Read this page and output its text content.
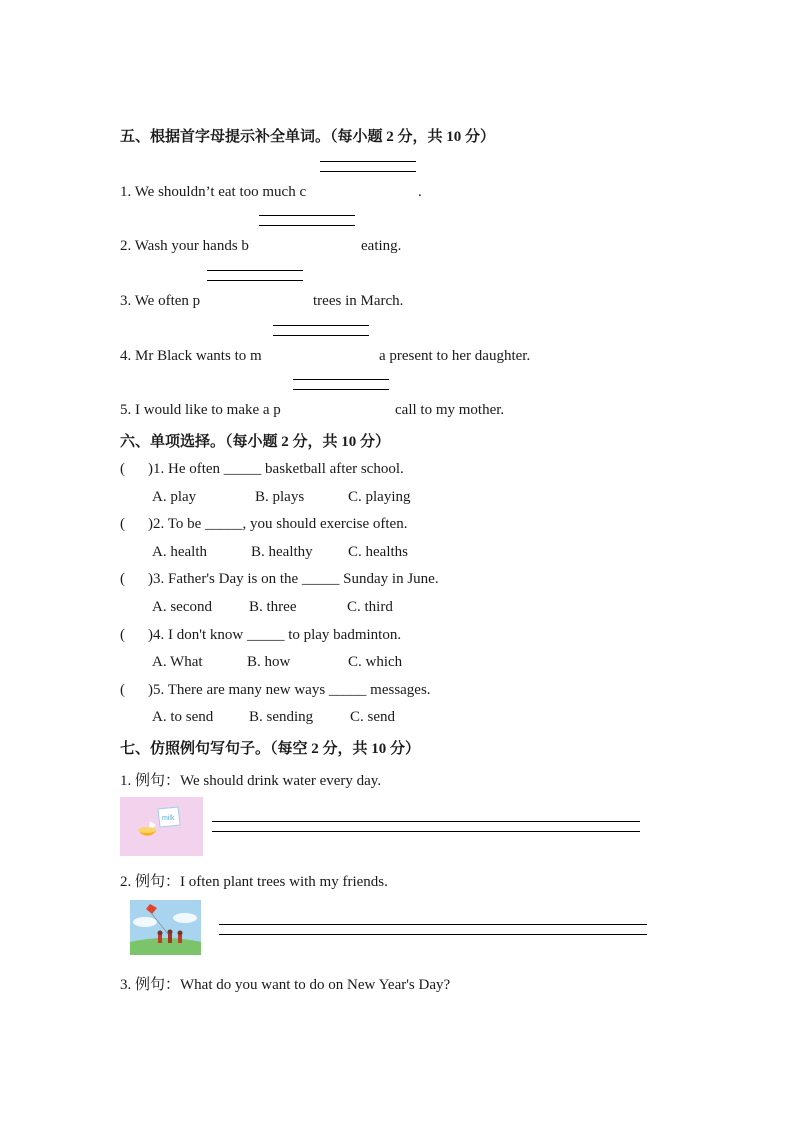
五、根据首字母提示补全单词。（每小题 2 分，共 10 分）
1. We shouldn’t eat too much c	.
2. Wash your hands b	eating.
3. We often p	trees in March.
4. Mr Black wants to m	a present to her daughter.
5. I would like to make a p	call to my mother.
六、单项选择。（每小题 2 分，共 10 分）
( )1. He often _____ basketball after school.
A. play	B. plays	C. playing
( )2. To be _____, you should exercise often.
A. health	B. healthy C. healths
( )3. Father's Day is on the _____ Sunday in June.
A. second B. three	C. third
( )4. I don't know _____ to play badminton.
A. What	B. how	C. which
( )5. There are many new ways _____ messages.
A. to send B. sending C. send
七、仿照例句写句子。（每空 2 分，共 10 分）
1. 例句：We should drink water every day.
milk
2. 例句：I often plant trees with my friends.
3. 例句：What do you want to do on New Year's Day?
